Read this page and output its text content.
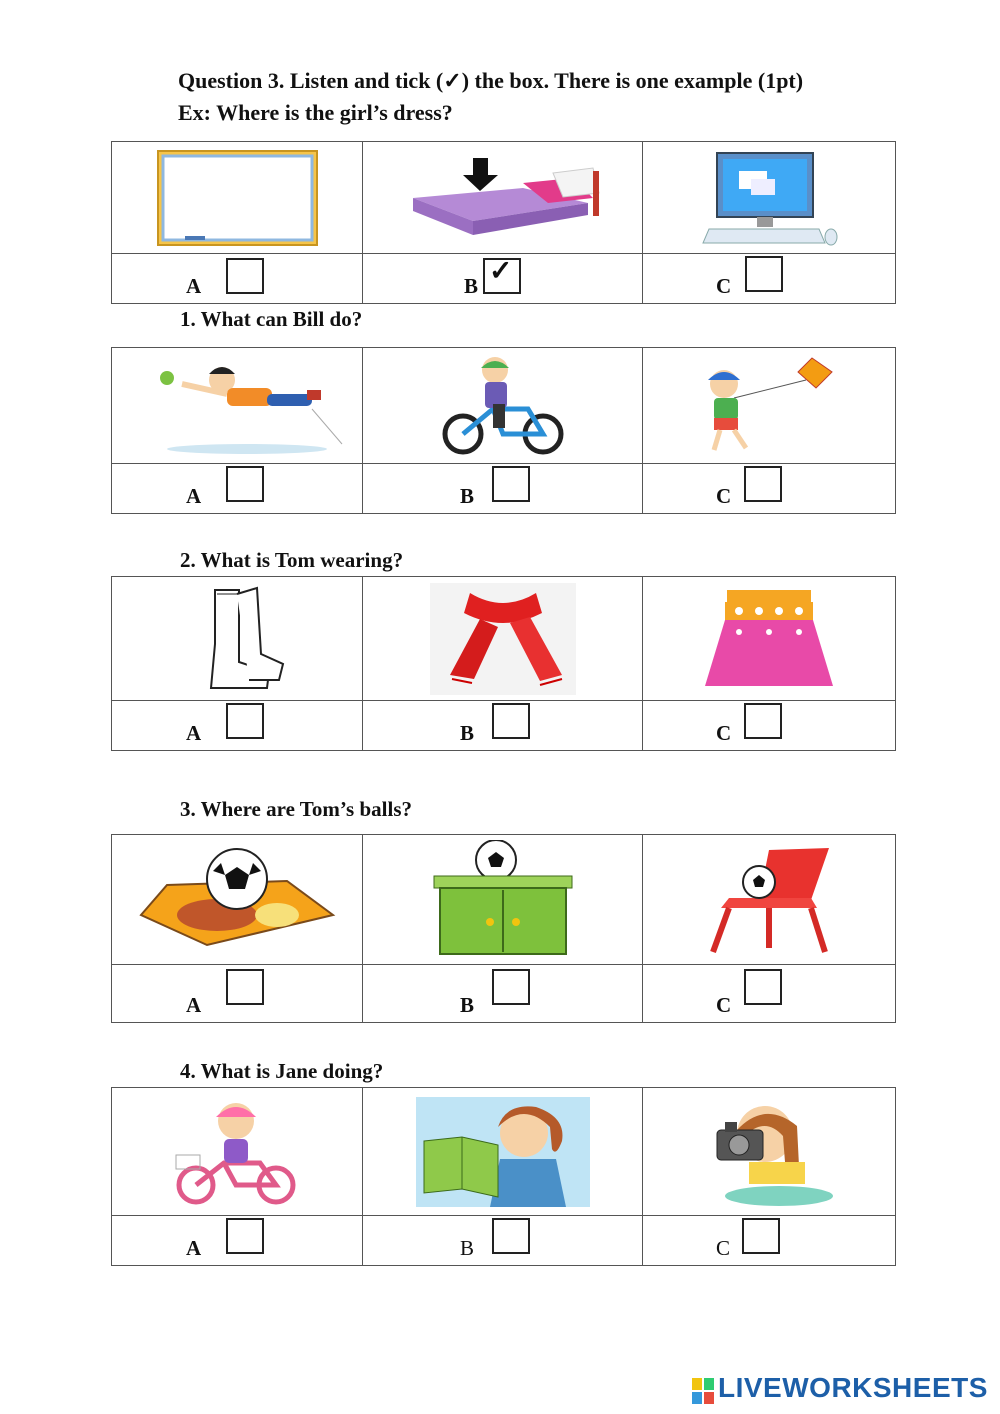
Question 3. Listen and tick (✓) the box. There is one example (1pt)
Ex: Where is the girl’s dress?

A	B ✓	C
1. What can Bill do?

A	B	C
2. What is Tom wearing?

A	B	C
3. Where are Tom’s balls?

A	B	C
4. What is Jane doing?

A	B	C
LIVEWORKSHEETS
